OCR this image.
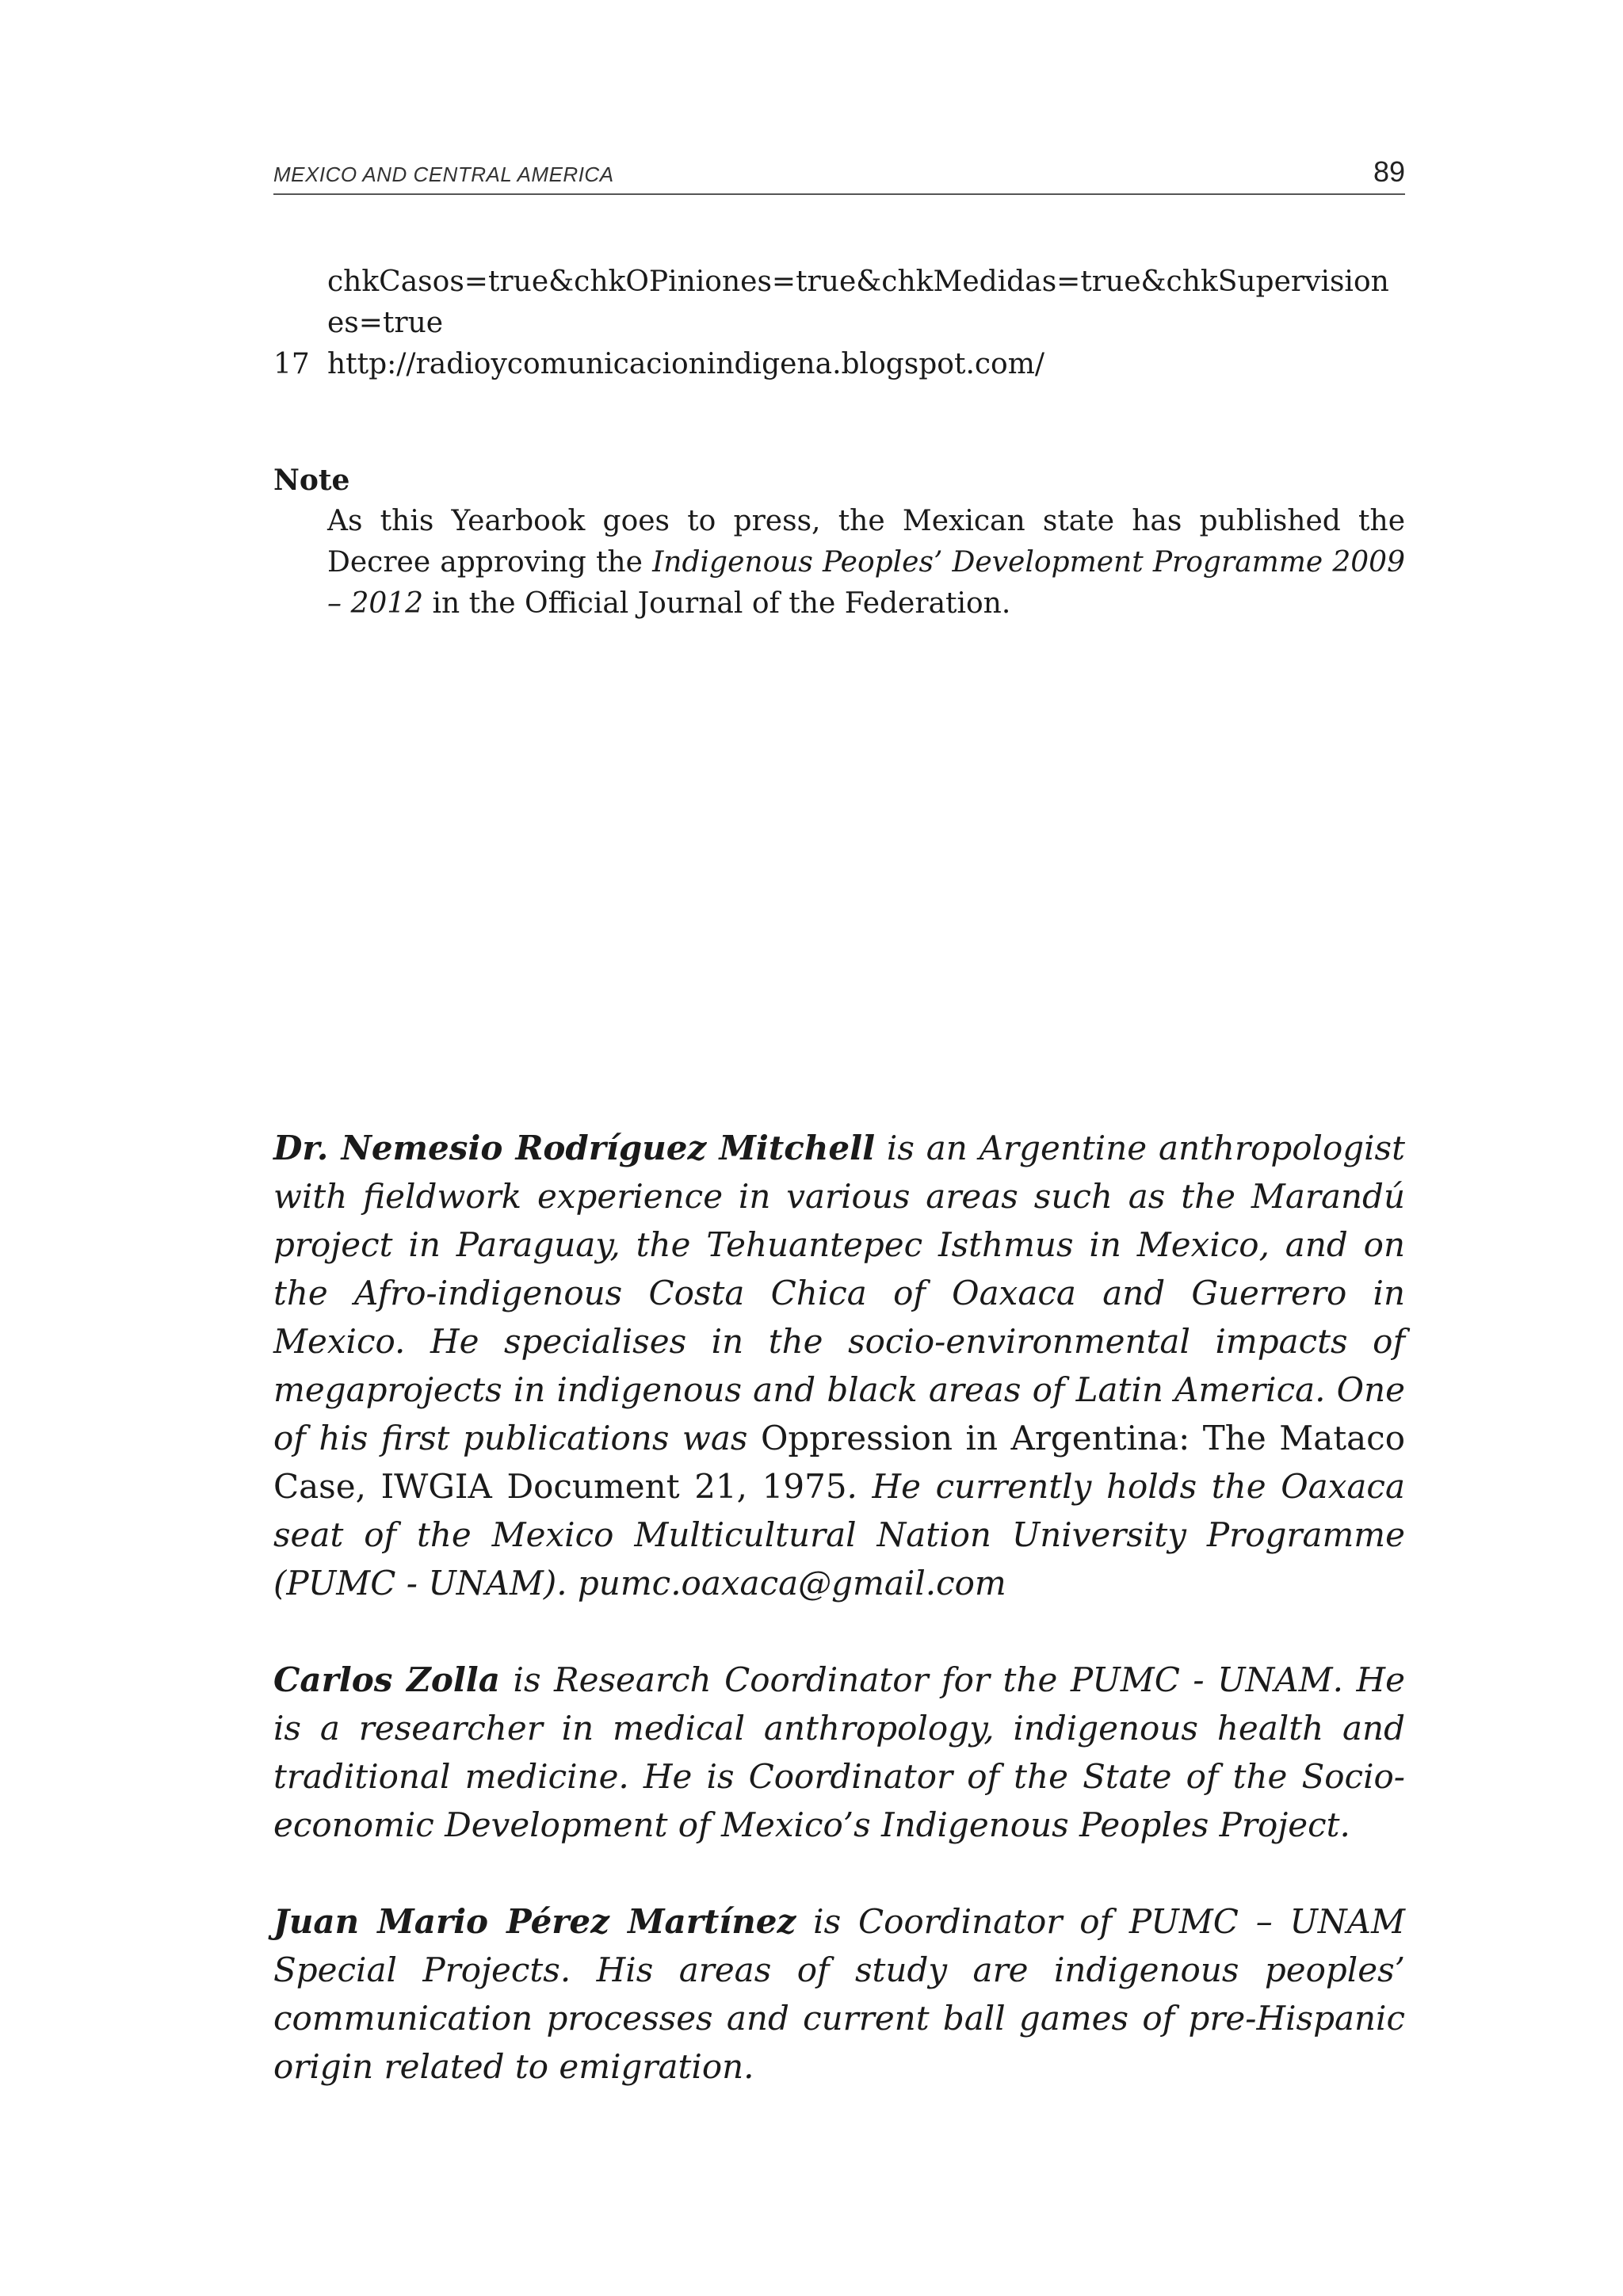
MEXICO AND CENTRAL AMERICA	89
chkCasos=true&chkOPiniones=true&chkMedidas=true&chkSupervisiones=true
17 http://radioycomunicacionindigena.blogspot.com/
Note
As this Yearbook goes to press, the Mexican state has published the Decree approving the Indigenous Peoples’ Development Programme 2009 – 2012 in the Official Journal of the Federation.

Dr. Nemesio Rodríguez Mitchell is an Argentine anthropologist with fieldwork experience in various areas such as the Marandú project in Paraguay, the Tehuantepec Isthmus in Mexico, and on the Afro-indigenous Costa Chica of Oaxaca and Guerrero in Mexico. He specialises in the socio-environmental impacts of megaprojects in indigenous and black areas of Latin America. One of his first publications was Oppression in Argentina: The Mataco Case, IWGIA Document 21, 1975. He currently holds the Oaxaca seat of the Mexico Multicultural Nation University Programme (PUMC - UNAM). pumc.oaxaca@gmail.com

Carlos Zolla is Research Coordinator for the PUMC - UNAM. He is a researcher in medical anthropology, indigenous health and traditional medicine. He is Coordinator of the State of the Socio-economic Development of Mexico’s Indigenous Peoples Project.

Juan Mario Pérez Martínez is Coordinator of PUMC – UNAM Special Projects. His areas of study are indigenous peoples’ communication processes and current ball games of pre-Hispanic origin related to emigration.
